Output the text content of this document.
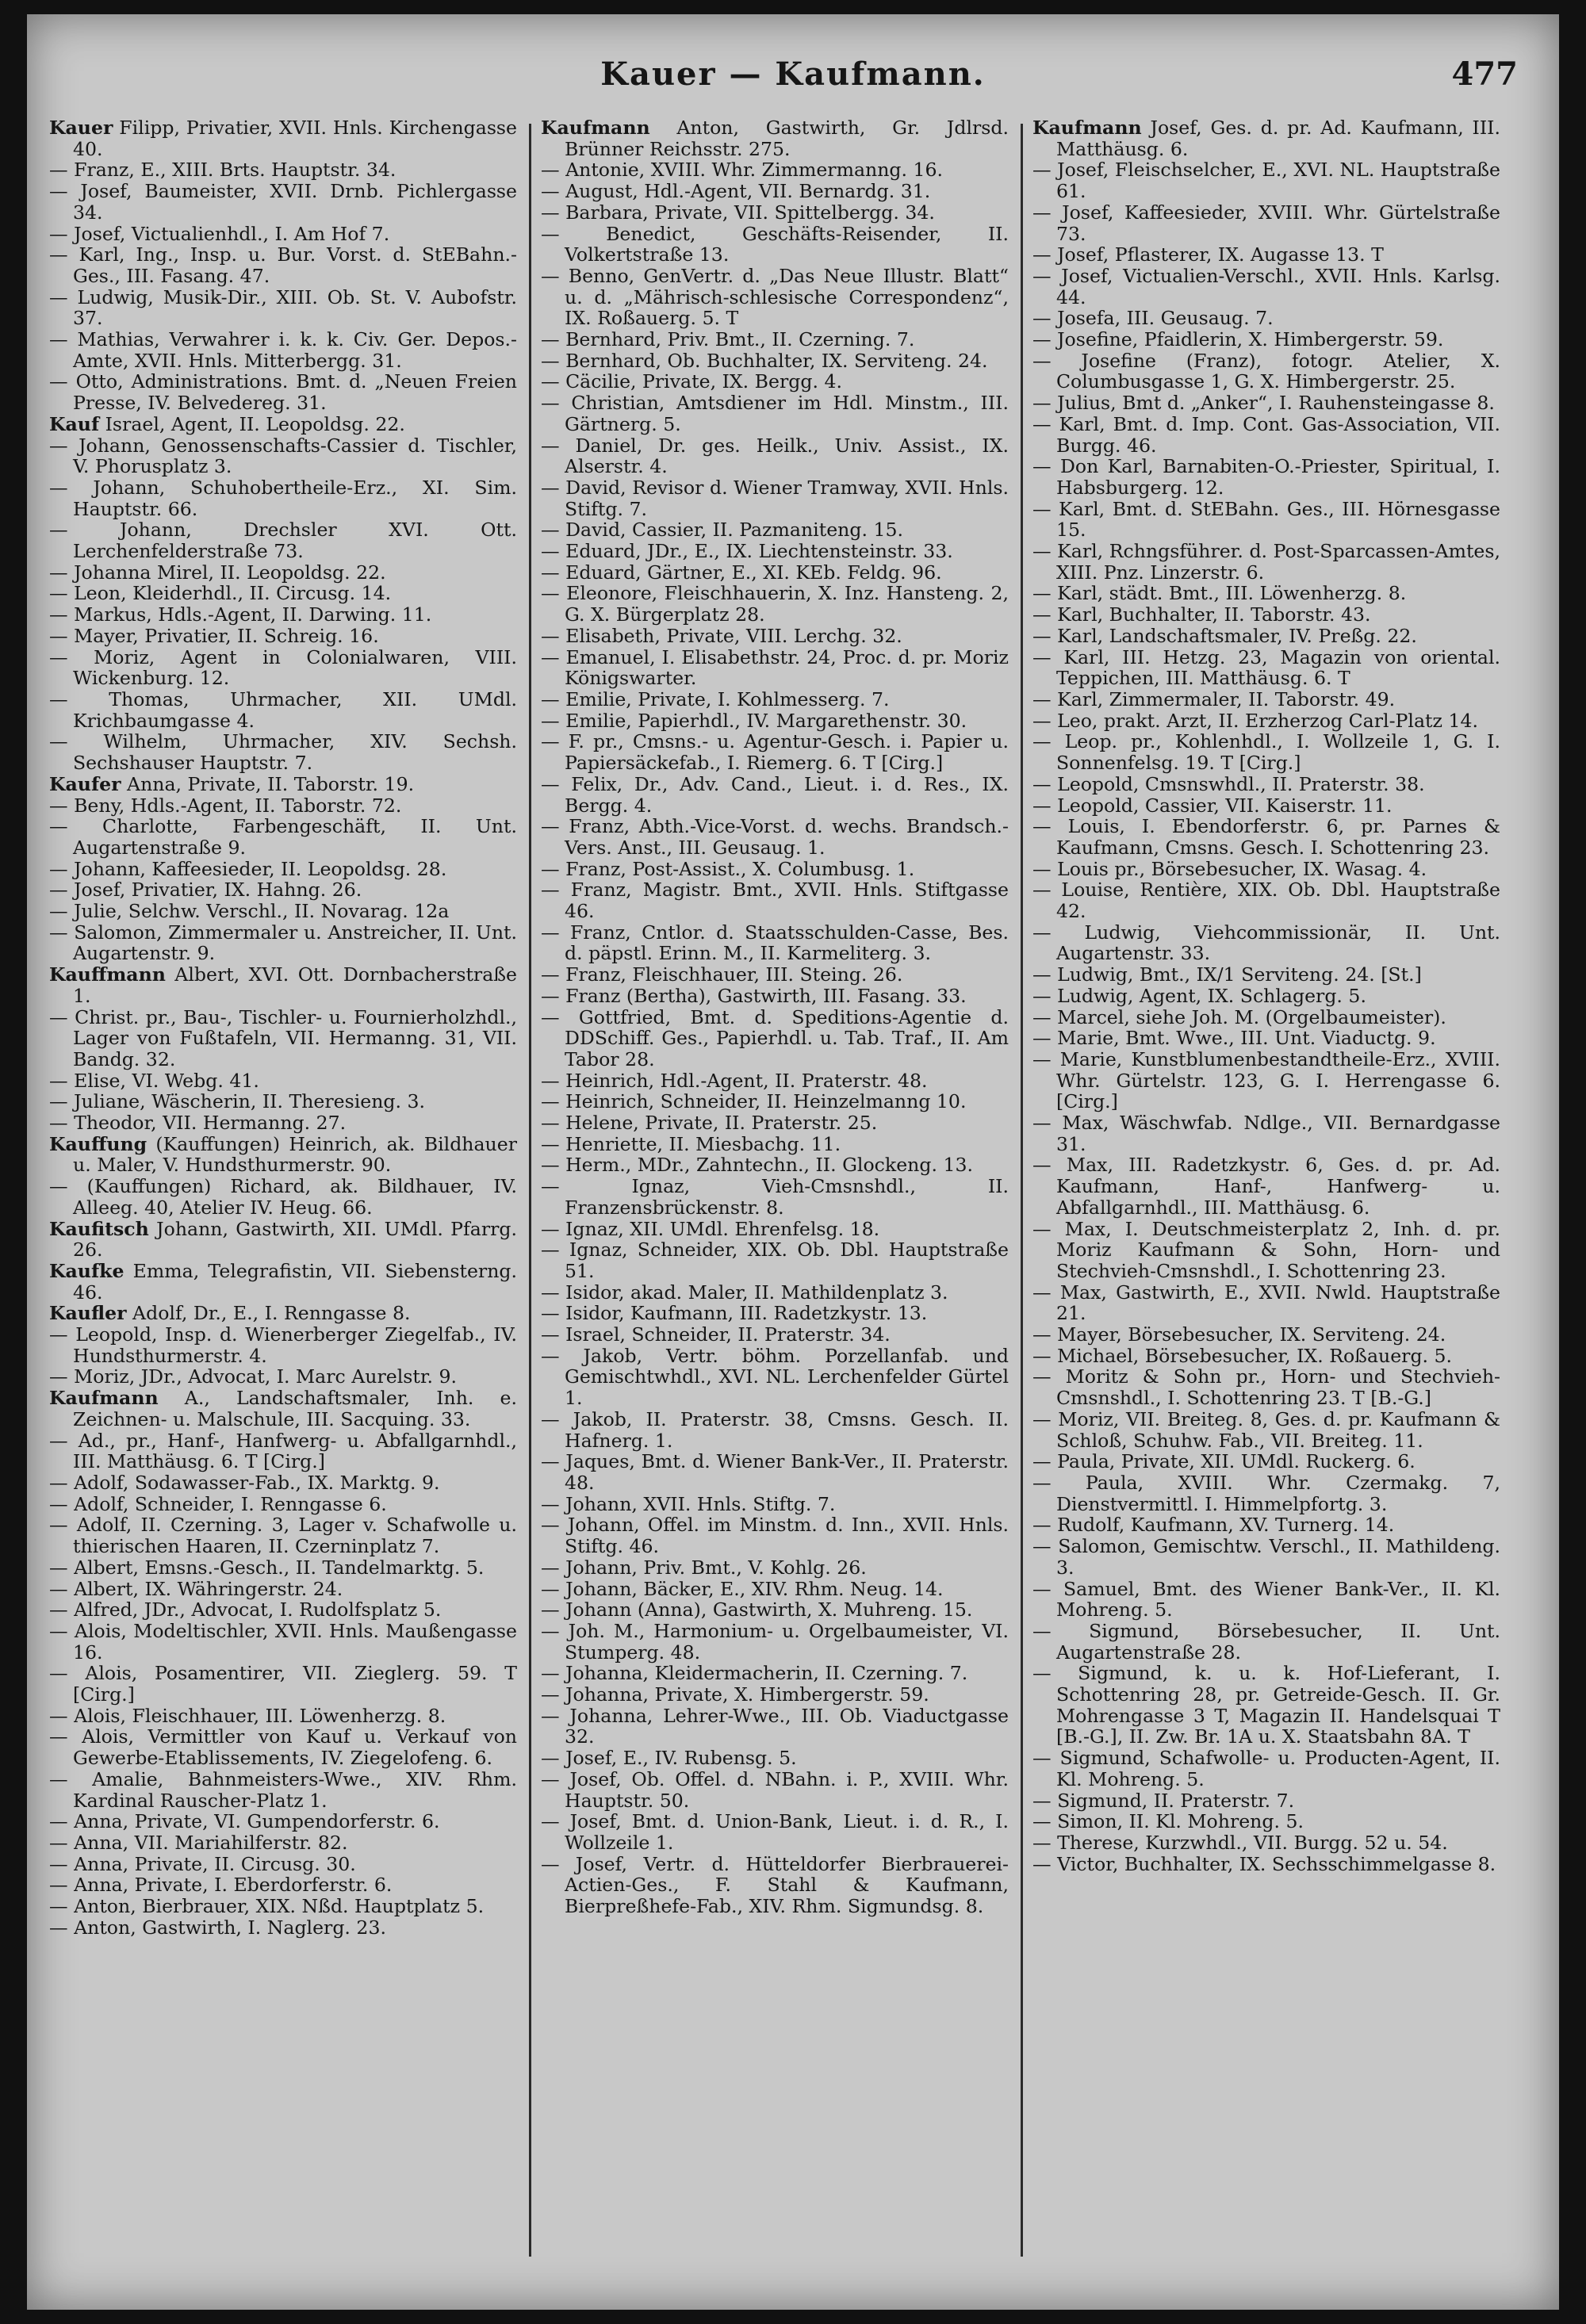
Kauer — Kaufmann.	477

Kauer Filipp, Privatier, XVII. Hnls. Kirchengasse 40.

— Franz, E., XIII. Brts. Hauptstr. 34.

— Josef, Baumeister, XVII. Drnb. Pichlergasse 34.

— Josef, Victualienhdl., I. Am Hof 7.

— Karl, Ing., Insp. u. Bur. Vorst. d. StEBahn.-Ges., III. Fasang. 47.

— Ludwig, Musik-Dir., XIII. Ob. St. V. Aubofstr. 37.

— Mathias, Verwahrer i. k. k. Civ. Ger. Depos.-Amte, XVII. Hnls. Mitterbergg. 31.

— Otto, Administrations. Bmt. d. „Neuen Freien Presse, IV. Belvedereg. 31.

Kauf Israel, Agent, II. Leopoldsg. 22.

— Johann, Genossenschafts-Cassier d. Tischler, V. Phorusplatz 3.

— Johann, Schuhobertheile-Erz., XI. Sim. Hauptstr. 66.

— Johann, Drechsler XVI. Ott. Lerchenfelderstraße 73.

— Johanna Mirel, II. Leopoldsg. 22.

— Leon, Kleiderhdl., II. Circusg. 14.

— Markus, Hdls.-Agent, II. Darwing. 11.

— Mayer, Privatier, II. Schreig. 16.

— Moriz, Agent in Colonialwaren, VIII. Wickenburg. 12.

— Thomas, Uhrmacher, XII. UMdl. Krichbaumgasse 4.

— Wilhelm, Uhrmacher, XIV. Sechsh. Sechshauser Hauptstr. 7.

Kaufer Anna, Private, II. Taborstr. 19.

— Beny, Hdls.-Agent, II. Taborstr. 72.

— Charlotte, Farbengeschäft, II. Unt. Augartenstraße 9.

— Johann, Kaffeesieder, II. Leopoldsg. 28.

— Josef, Privatier, IX. Hahng. 26.

— Julie, Selchw. Verschl., II. Novarag. 12a

— Salomon, Zimmermaler u. Anstreicher, II. Unt. Augartenstr. 9.

Kauffmann Albert, XVI. Ott. Dornbacherstraße 1.

— Christ. pr., Bau-, Tischler- u. Fournierholzhdl., Lager von Fußtafeln, VII. Hermanng. 31, VII. Bandg. 32.

— Elise, VI. Webg. 41.

— Juliane, Wäscherin, II. Theresieng. 3.

— Theodor, VII. Hermanng. 27.

Kauffung (Kauffungen) Heinrich, ak. Bildhauer u. Maler, V. Hundsthurmerstr. 90.

— (Kauffungen) Richard, ak. Bildhauer, IV. Alleeg. 40, Atelier IV. Heug. 66.

Kaufitsch Johann, Gastwirth, XII. UMdl. Pfarrg. 26.

Kaufke Emma, Telegrafistin, VII. Siebensterng. 46.

Kaufler Adolf, Dr., E., I. Renngasse 8.

— Leopold, Insp. d. Wienerberger Ziegelfab., IV. Hundsthurmerstr. 4.

— Moriz, JDr., Advocat, I. Marc Aurelstr. 9.

Kaufmann A., Landschaftsmaler, Inh. e. Zeichnen- u. Malschule, III. Sacquing. 33.

— Ad., pr., Hanf-, Hanfwerg- u. Abfallgarnhdl., III. Matthäusg. 6. T [Cirg.]

— Adolf, Sodawasser-Fab., IX. Marktg. 9.

— Adolf, Schneider, I. Renngasse 6.

— Adolf, II. Czerning. 3, Lager v. Schafwolle u. thierischen Haaren, II. Czerninplatz 7.

— Albert, Emsns.-Gesch., II. Tandelmarktg. 5.

— Albert, IX. Währingerstr. 24.

— Alfred, JDr., Advocat, I. Rudolfsplatz 5.

— Alois, Modeltischler, XVII. Hnls. Maußengasse 16.

— Alois, Posamentirer, VII. Zieglerg. 59. T [Cirg.]

— Alois, Fleischhauer, III. Löwenherzg. 8.

— Alois, Vermittler von Kauf u. Verkauf von Gewerbe-Etablissements, IV. Ziegelofeng. 6.

— Amalie, Bahnmeisters-Wwe., XIV. Rhm. Kardinal Rauscher-Platz 1.

— Anna, Private, VI. Gumpendorferstr. 6.

— Anna, VII. Mariahilferstr. 82.

— Anna, Private, II. Circusg. 30.

— Anna, Private, I. Eberdorferstr. 6.

— Anton, Bierbrauer, XIX. Nßd. Hauptplatz 5.

— Anton, Gastwirth, I. Naglerg. 23.

Kaufmann Anton, Gastwirth, Gr. Jdlrsd. Brünner Reichsstr. 275.

— Antonie, XVIII. Whr. Zimmermanng. 16.

— August, Hdl.-Agent, VII. Bernardg. 31.

— Barbara, Private, VII. Spittelbergg. 34.

— Benedict, Geschäfts-Reisender, II. Volkertstraße 13.

— Benno, GenVertr. d. „Das Neue Illustr. Blatt“ u. d. „Mährisch-schlesische Correspondenz“, IX. Roßauerg. 5. T

— Bernhard, Priv. Bmt., II. Czerning. 7.

— Bernhard, Ob. Buchhalter, IX. Serviteng. 24.

— Cäcilie, Private, IX. Bergg. 4.

— Christian, Amtsdiener im Hdl. Minstm., III. Gärtnerg. 5.

— Daniel, Dr. ges. Heilk., Univ. Assist., IX. Alserstr. 4.

— David, Revisor d. Wiener Tramway, XVII. Hnls. Stiftg. 7.

— David, Cassier, II. Pazmaniteng. 15.

— Eduard, JDr., E., IX. Liechtensteinstr. 33.

— Eduard, Gärtner, E., XI. KEb. Feldg. 96.

— Eleonore, Fleischhauerin, X. Inz. Hansteng. 2, G. X. Bürgerplatz 28.

— Elisabeth, Private, VIII. Lerchg. 32.

— Emanuel, I. Elisabethstr. 24, Proc. d. pr. Moriz Königswarter.

— Emilie, Private, I. Kohlmesserg. 7.

— Emilie, Papierhdl., IV. Margarethenstr. 30.

— F. pr., Cmsns.- u. Agentur-Gesch. i. Papier u. Papiersäckefab., I. Riemerg. 6. T [Cirg.]

— Felix, Dr., Adv. Cand., Lieut. i. d. Res., IX. Bergg. 4.

— Franz, Abth.-Vice-Vorst. d. wechs. Brandsch.-Vers. Anst., III. Geusaug. 1.

— Franz, Post-Assist., X. Columbusg. 1.

— Franz, Magistr. Bmt., XVII. Hnls. Stiftgasse 46.

— Franz, Cntlor. d. Staatsschulden-Casse, Bes. d. päpstl. Erinn. M., II. Karmeliterg. 3.

— Franz, Fleischhauer, III. Steing. 26.

— Franz (Bertha), Gastwirth, III. Fasang. 33.

— Gottfried, Bmt. d. Speditions-Agentie d. DDSchiff. Ges., Papierhdl. u. Tab. Traf., II. Am Tabor 28.

— Heinrich, Hdl.-Agent, II. Praterstr. 48.

— Heinrich, Schneider, II. Heinzelmanng 10.

— Helene, Private, II. Praterstr. 25.

— Henriette, II. Miesbachg. 11.

— Herm., MDr., Zahntechn., II. Glockeng. 13.

— Ignaz, Vieh-Cmsnshdl., II. Franzensbrückenstr. 8.

— Ignaz, XII. UMdl. Ehrenfelsg. 18.

— Ignaz, Schneider, XIX. Ob. Dbl. Hauptstraße 51.

— Isidor, akad. Maler, II. Mathildenplatz 3.

— Isidor, Kaufmann, III. Radetzkystr. 13.

— Israel, Schneider, II. Praterstr. 34.

— Jakob, Vertr. böhm. Porzellanfab. und Gemischtwhdl., XVI. NL. Lerchenfelder Gürtel 1.

— Jakob, II. Praterstr. 38, Cmsns. Gesch. II. Hafnerg. 1.

— Jaques, Bmt. d. Wiener Bank-Ver., II. Praterstr. 48.

— Johann, XVII. Hnls. Stiftg. 7.

— Johann, Offel. im Minstm. d. Inn., XVII. Hnls. Stiftg. 46.

— Johann, Priv. Bmt., V. Kohlg. 26.

— Johann, Bäcker, E., XIV. Rhm. Neug. 14.

— Johann (Anna), Gastwirth, X. Muhreng. 15.

— Joh. M., Harmonium- u. Orgelbaumeister, VI. Stumperg. 48.

— Johanna, Kleidermacherin, II. Czerning. 7.

— Johanna, Private, X. Himbergerstr. 59.

— Johanna, Lehrer-Wwe., III. Ob. Viaductgasse 32.

— Josef, E., IV. Rubensg. 5.

— Josef, Ob. Offel. d. NBahn. i. P., XVIII. Whr. Hauptstr. 50.

— Josef, Bmt. d. Union-Bank, Lieut. i. d. R., I. Wollzeile 1.

— Josef, Vertr. d. Hütteldorfer Bierbrauerei-Actien-Ges., F. Stahl & Kaufmann, Bierpreßhefe-Fab., XIV. Rhm. Sigmundsg. 8.

Kaufmann Josef, Ges. d. pr. Ad. Kaufmann, III. Matthäusg. 6.

— Josef, Fleischselcher, E., XVI. NL. Hauptstraße 61.

— Josef, Kaffeesieder, XVIII. Whr. Gürtelstraße 73.

— Josef, Pflasterer, IX. Augasse 13. T

— Josef, Victualien-Verschl., XVII. Hnls. Karlsg. 44.

— Josefa, III. Geusaug. 7.

— Josefine, Pfaidlerin, X. Himbergerstr. 59.

— Josefine (Franz), fotogr. Atelier, X. Columbusgasse 1, G. X. Himbergerstr. 25.

— Julius, Bmt d. „Anker“, I. Rauhensteingasse 8.

— Karl, Bmt. d. Imp. Cont. Gas-Association, VII. Burgg. 46.

— Don Karl, Barnabiten-O.-Priester, Spiritual, I. Habsburgerg. 12.

— Karl, Bmt. d. StEBahn. Ges., III. Hörnesgasse 15.

— Karl, Rchngsführer. d. Post-Sparcassen-Amtes, XIII. Pnz. Linzerstr. 6.

— Karl, städt. Bmt., III. Löwenherzg. 8.

— Karl, Buchhalter, II. Taborstr. 43.

— Karl, Landschaftsmaler, IV. Preßg. 22.

— Karl, III. Hetzg. 23, Magazin von oriental. Teppichen, III. Matthäusg. 6. T

— Karl, Zimmermaler, II. Taborstr. 49.

— Leo, prakt. Arzt, II. Erzherzog Carl-Platz 14.

— Leop. pr., Kohlenhdl., I. Wollzeile 1, G. I. Sonnenfelsg. 19. T [Cirg.]

— Leopold, Cmsnswhdl., II. Praterstr. 38.

— Leopold, Cassier, VII. Kaiserstr. 11.

— Louis, I. Ebendorferstr. 6, pr. Parnes & Kaufmann, Cmsns. Gesch. I. Schottenring 23.

— Louis pr., Börsebesucher, IX. Wasag. 4.

— Louise, Rentière, XIX. Ob. Dbl. Hauptstraße 42.

— Ludwig, Viehcommissionär, II. Unt. Augartenstr. 33.

— Ludwig, Bmt., IX/1 Serviteng. 24. [St.]

— Ludwig, Agent, IX. Schlagerg. 5.

— Marcel, siehe Joh. M. (Orgelbaumeister).

— Marie, Bmt. Wwe., III. Unt. Viaductg. 9.

— Marie, Kunstblumenbestandtheile-Erz., XVIII. Whr. Gürtelstr. 123, G. I. Herrengasse 6. [Cirg.]

— Max, Wäschwfab. Ndlge., VII. Bernardgasse 31.

— Max, III. Radetzkystr. 6, Ges. d. pr. Ad. Kaufmann, Hanf-, Hanfwerg- u. Abfallgarnhdl., III. Matthäusg. 6.

— Max, I. Deutschmeisterplatz 2, Inh. d. pr. Moriz Kaufmann & Sohn, Horn- und Stechvieh-Cmsnshdl., I. Schottenring 23.

— Max, Gastwirth, E., XVII. Nwld. Hauptstraße 21.

— Mayer, Börsebesucher, IX. Serviteng. 24.

— Michael, Börsebesucher, IX. Roßauerg. 5.

— Moritz & Sohn pr., Horn- und Stechvieh-Cmsnshdl., I. Schottenring 23. T [B.-G.]

— Moriz, VII. Breiteg. 8, Ges. d. pr. Kaufmann & Schloß, Schuhw. Fab., VII. Breiteg. 11.

— Paula, Private, XII. UMdl. Ruckerg. 6.

— Paula, XVIII. Whr. Czermakg. 7, Dienstvermittl. I. Himmelpfortg. 3.

— Rudolf, Kaufmann, XV. Turnerg. 14.

— Salomon, Gemischtw. Verschl., II. Mathildeng. 3.

— Samuel, Bmt. des Wiener Bank-Ver., II. Kl. Mohreng. 5.

— Sigmund, Börsebesucher, II. Unt. Augartenstraße 28.

— Sigmund, k. u. k. Hof-Lieferant, I. Schottenring 28, pr. Getreide-Gesch. II. Gr. Mohrengasse 3 T, Magazin II. Handelsquai T [B.-G.], II. Zw. Br. 1A u. X. Staatsbahn 8A. T

— Sigmund, Schafwolle- u. Producten-Agent, II. Kl. Mohreng. 5.

— Sigmund, II. Praterstr. 7.

— Simon, II. Kl. Mohreng. 5.

— Therese, Kurzwhdl., VII. Burgg. 52 u. 54.

— Victor, Buchhalter, IX. Sechsschimmelgasse 8.
